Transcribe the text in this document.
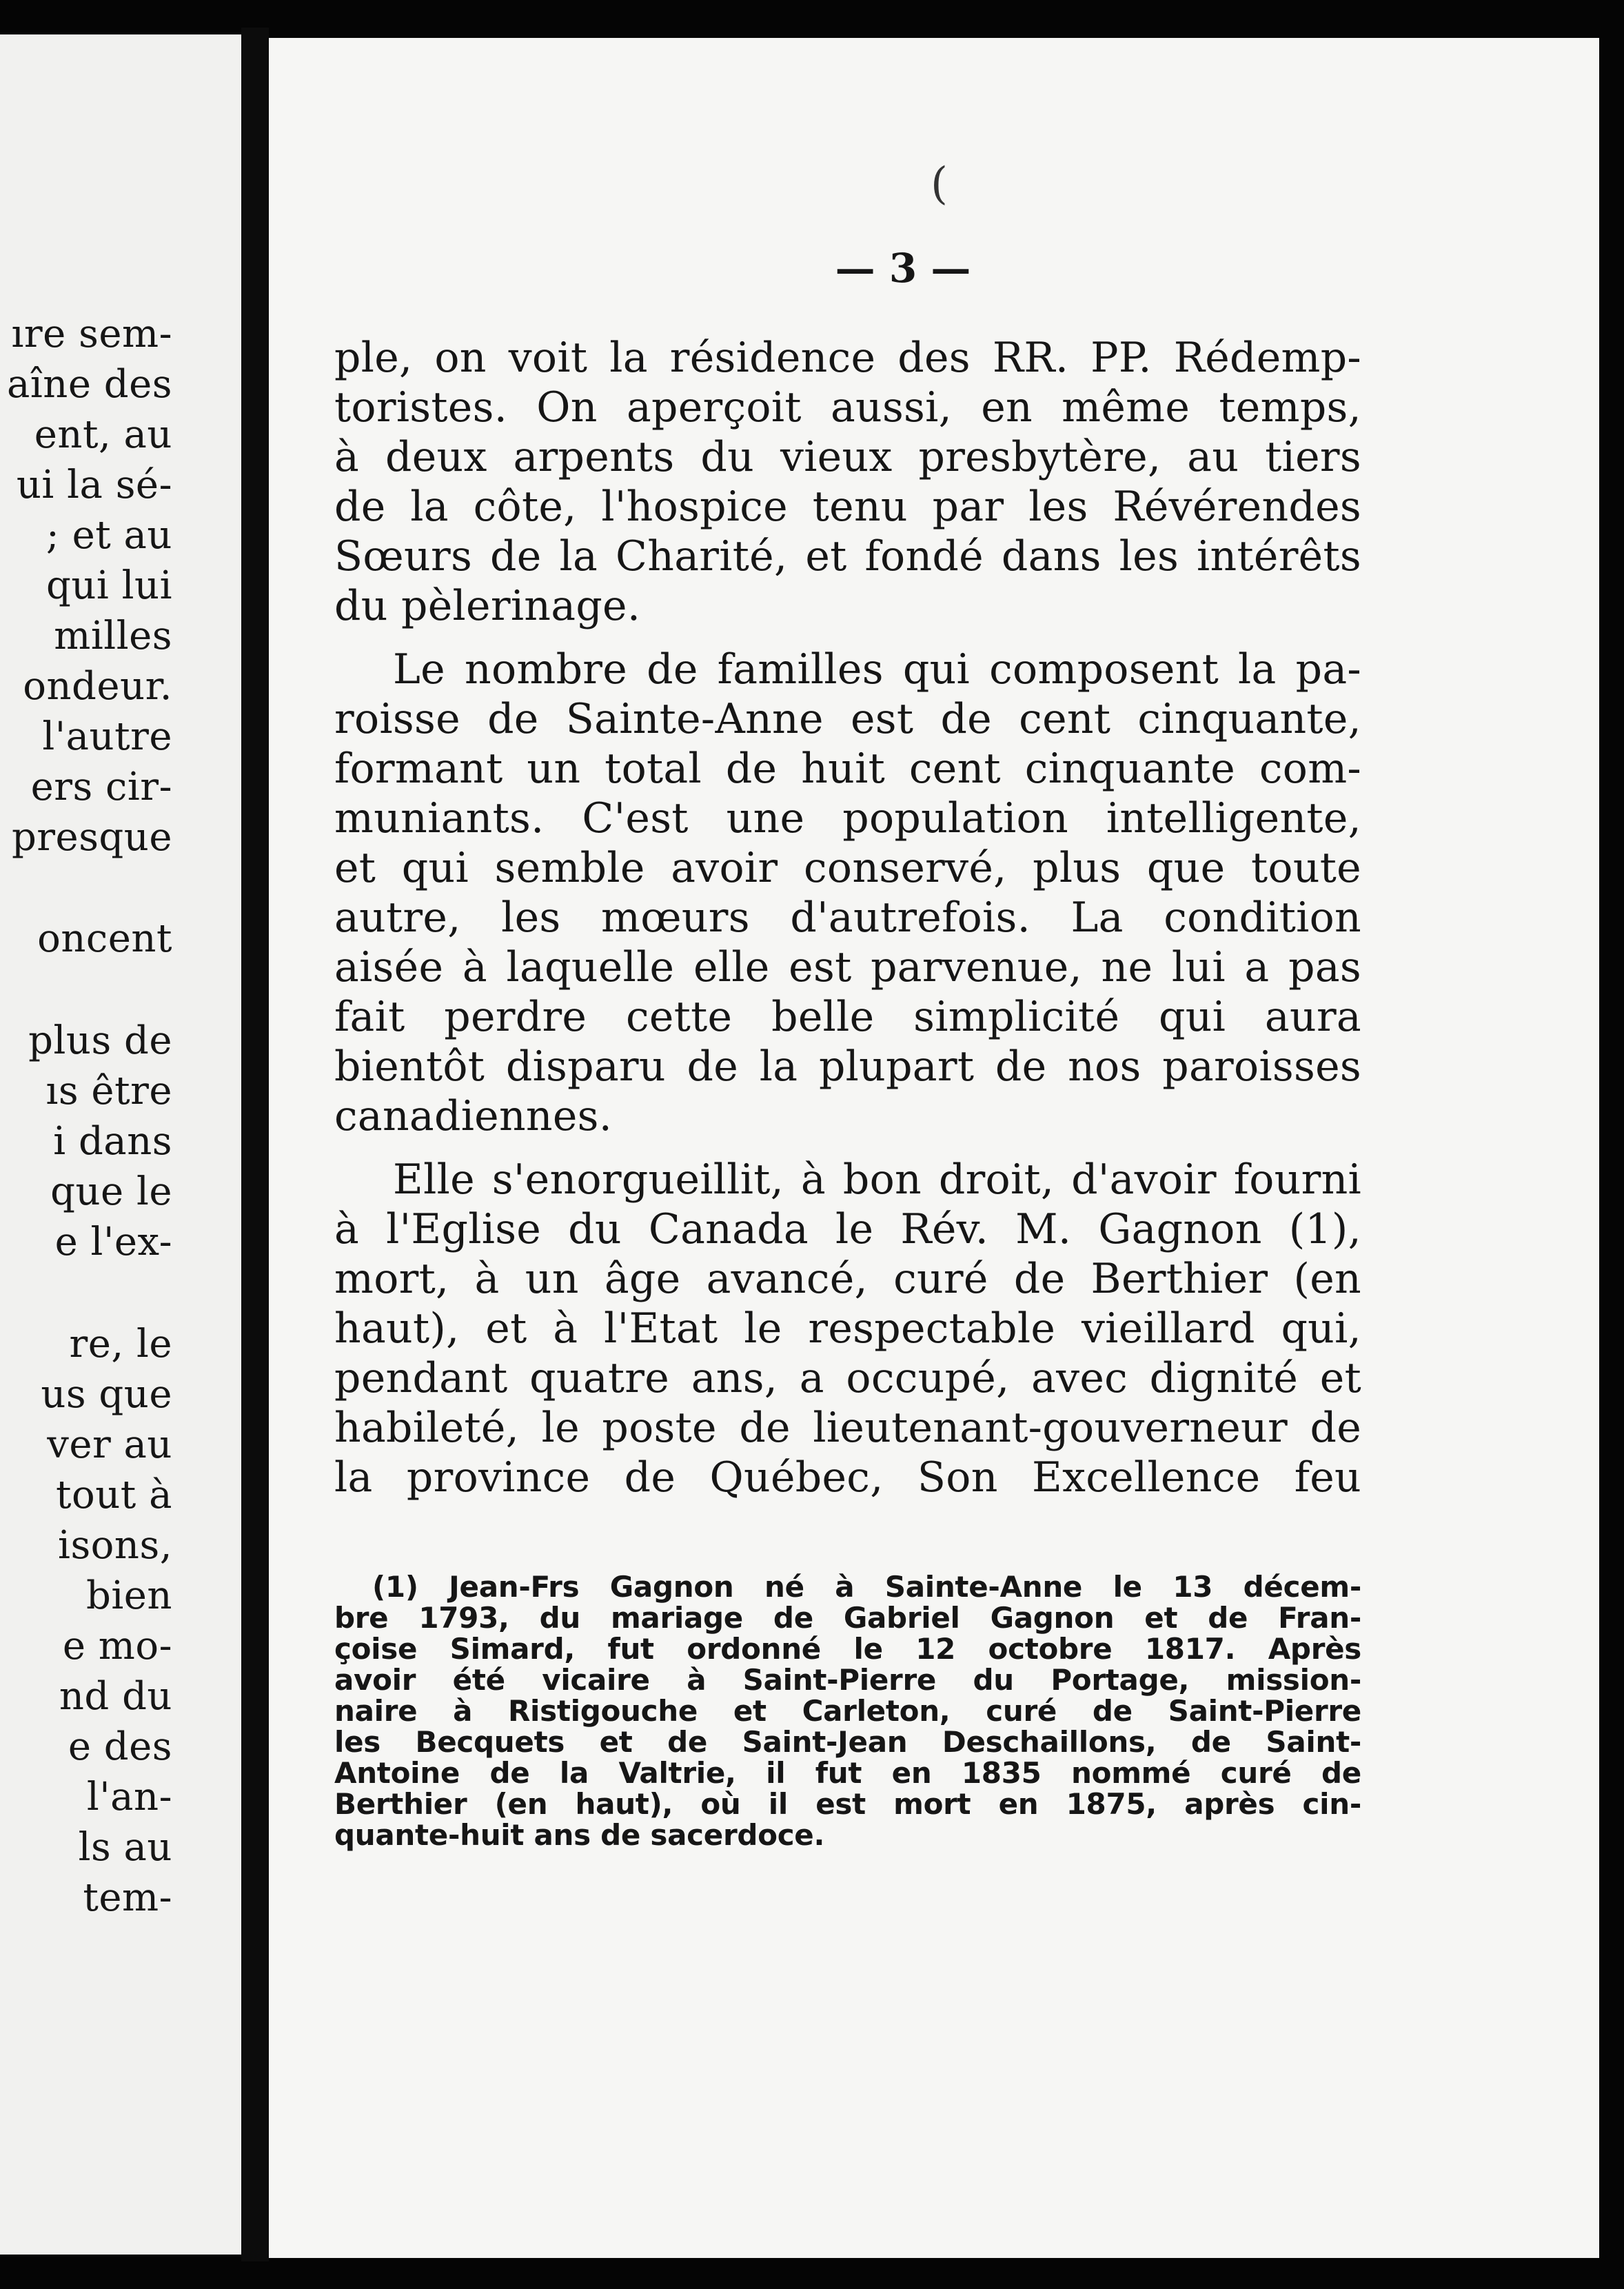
ıre sem-
aîne des
ent, au
ui la sé-
; et au
qui lui
milles
ondeur.
l'autre
ers cir-
presque
oncent
plus de
ıs être
i dans
que le
e l'ex-
re, le
us que
ver au
tout à
isons,
bien
e mo-
nd du
e des
l'an-
ls au
tem-
(
— 3 —
ple, on voit la résidence des RR. PP. Rédemp-
toristes. On aperçoit aussi, en même temps,
à deux arpents du vieux presbytère, au tiers
de la côte, l'hospice tenu par les Révérendes
Sœurs de la Charité, et fondé dans les intérêts
du pèlerinage.
Le nombre de familles qui composent la pa-
roisse de Sainte-Anne est de cent cinquante,
formant un total de huit cent cinquante com-
muniants. C'est une population intelligente,
et qui semble avoir conservé, plus que toute
autre, les mœurs d'autrefois. La condition
aisée à laquelle elle est parvenue, ne lui a pas
fait perdre cette belle simplicité qui aura
bientôt disparu de la plupart de nos paroisses
canadiennes.
Elle s'enorgueillit, à bon droit, d'avoir fourni
à l'Eglise du Canada le Rév. M. Gagnon (1),
mort, à un âge avancé, curé de Berthier (en
haut), et à l'Etat le respectable vieillard qui,
pendant quatre ans, a occupé, avec dignité et
habileté, le poste de lieutenant-gouverneur de
la province de Québec, Son Excellence feu
(1) Jean-Frs Gagnon né à Sainte-Anne le 13 décem-
bre 1793, du mariage de Gabriel Gagnon et de Fran-
çoise Simard, fut ordonné le 12 octobre 1817. Après
avoir été vicaire à Saint-Pierre du Portage, mission-
naire à Ristigouche et Carleton, curé de Saint-Pierre
les Becquets et de Saint-Jean Deschaillons, de Saint-
Antoine de la Valtrie, il fut en 1835 nommé curé de
Berthier (en haut), où il est mort en 1875, après cin-
quante-huit ans de sacerdoce.
